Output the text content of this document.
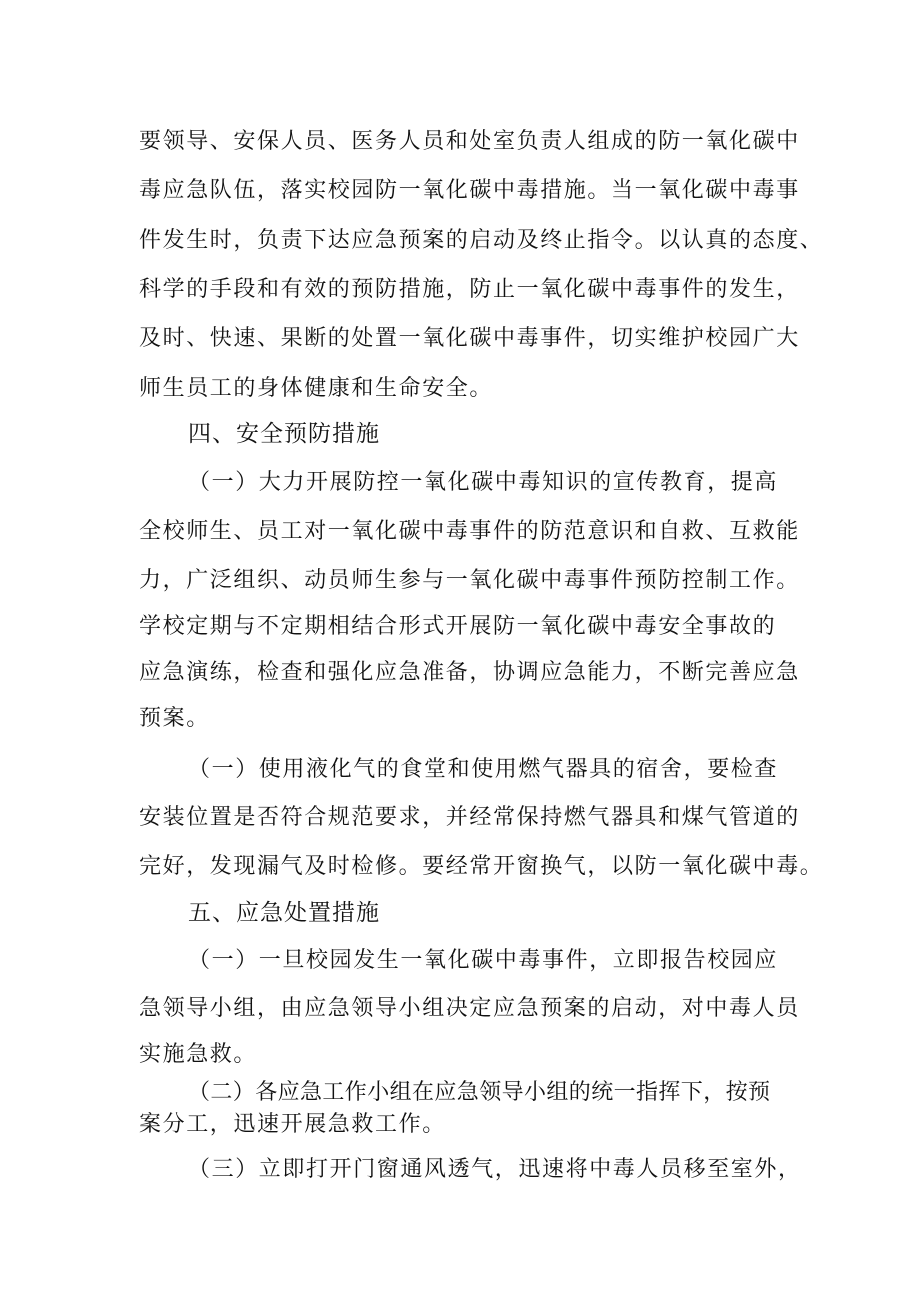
要领导、安保人员、医务人员和处室负责人组成的防一氧化碳中
毒应急队伍，落实校园防一氧化碳中毒措施。当一氧化碳中毒事
件发生时，负责下达应急预案的启动及终止指令。以认真的态度、
科学的手段和有效的预防措施，防止一氧化碳中毒事件的发生，
及时、快速、果断的处置一氧化碳中毒事件，切实维护校园广大
师生员工的身体健康和生命安全。
四、安全预防措施
（一）大力开展防控一氧化碳中毒知识的宣传教育，提高
全校师生、员工对一氧化碳中毒事件的防范意识和自救、互救能
力，广泛组织、动员师生参与一氧化碳中毒事件预防控制工作。
学校定期与不定期相结合形式开展防一氧化碳中毒安全事故的
应急演练，检查和强化应急准备，协调应急能力，不断完善应急
预案。
（一）使用液化气的食堂和使用燃气器具的宿舍，要检查
安装位置是否符合规范要求，并经常保持燃气器具和煤气管道的
完好，发现漏气及时检修。要经常开窗换气，以防一氧化碳中毒。
五、应急处置措施
（一）一旦校园发生一氧化碳中毒事件，立即报告校园应
急领导小组，由应急领导小组决定应急预案的启动，对中毒人员
实施急救。
（二）各应急工作小组在应急领导小组的统一指挥下，按预
案分工，迅速开展急救工作。
（三）立即打开门窗通风透气，迅速将中毒人员移至室外，
